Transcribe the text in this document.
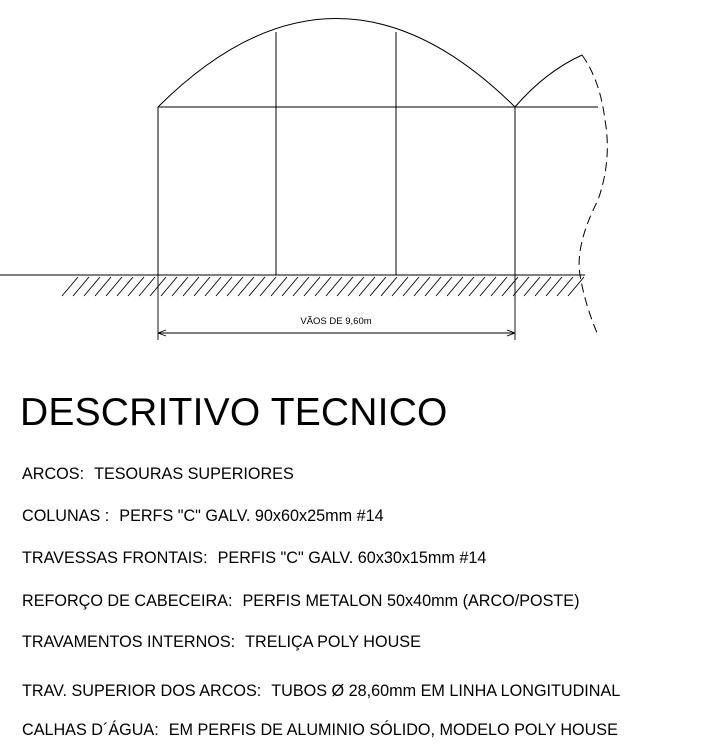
VÃOS DE 9,60m
DESCRITIVO TECNICO
ARCOS: TESOURAS SUPERIORES
COLUNAS : PERFS "C" GALV. 90x60x25mm #14
TRAVESSAS FRONTAIS: PERFIS "C" GALV. 60x30x15mm #14
REFORÇO DE CABECEIRA: PERFIS METALON 50x40mm (ARCO/POSTE)
TRAVAMENTOS INTERNOS: TRELIÇA POLY HOUSE
TRAV. SUPERIOR DOS ARCOS: TUBOS Ø 28,60mm EM LINHA LONGITUDINAL
CALHAS D´ÁGUA: EM PERFIS DE ALUMINIO SÓLIDO, MODELO POLY HOUSE
